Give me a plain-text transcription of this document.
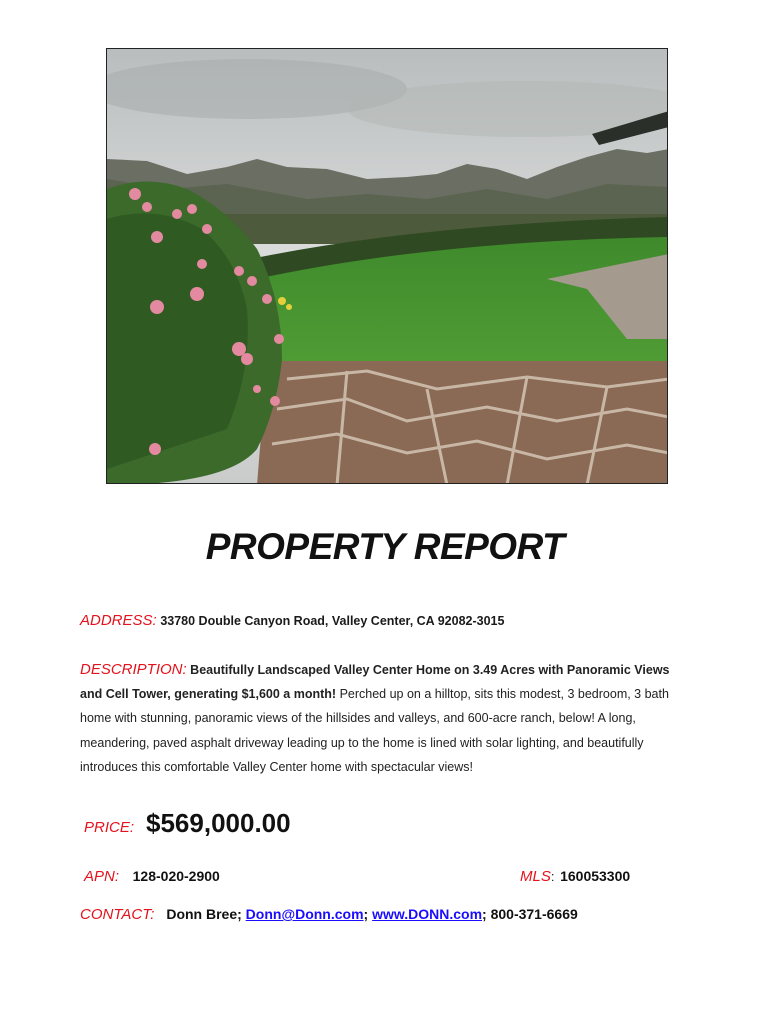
PROPERTY REPORT
ADDRESS: 33780 Double Canyon Road, Valley Center, CA 92082-3015
DESCRIPTION: Beautifully Landscaped Valley Center Home on 3.49 Acres with Panoramic Views and Cell Tower, generating $1,600 a month! Perched up on a hilltop, sits this modest, 3 bedroom, 3 bath home with stunning, panoramic views of the hillsides and valleys, and 600-acre ranch, below! A long, meandering, paved asphalt driveway leading up to the home is lined with solar lighting, and beautifully introduces this comfortable Valley Center home with spectacular views!
PRICE: $569,000.00
APN: 128-020-2900	MLS: 160053300
CONTACT: Donn Bree; Donn@Donn.com; www.DONN.com; 800-371-6669
